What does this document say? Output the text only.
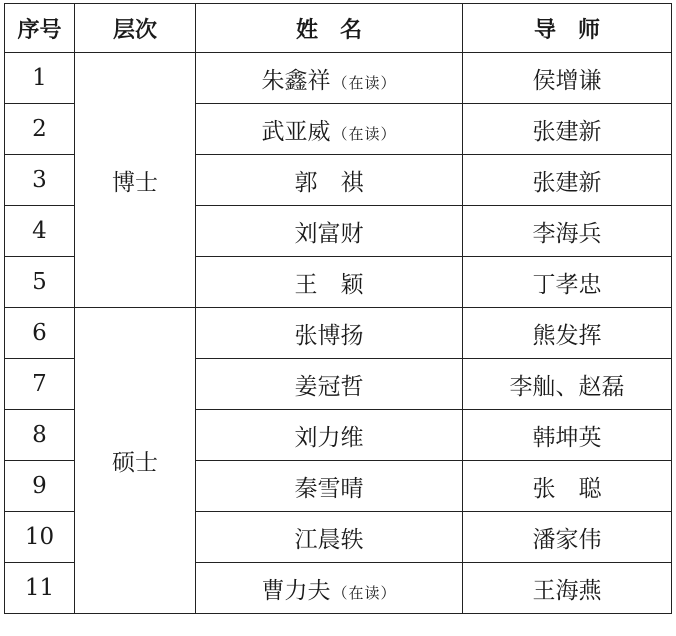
序号	层次	姓　名	导　师
1	博士	朱鑫祥 （在读）	侯增谦
2		武亚威 （在读）	张建新
3		郭　祺	张建新
4		刘富财	李海兵
5		王　颖	丁孝忠
6	硕士	张博扬	熊发挥
7		姜冠哲	李舢、赵磊
8		刘力维	韩坤英
9		秦雪晴	张　聪
10		江晨轶	潘家伟
11		曹力夫 （在读）	王海燕
